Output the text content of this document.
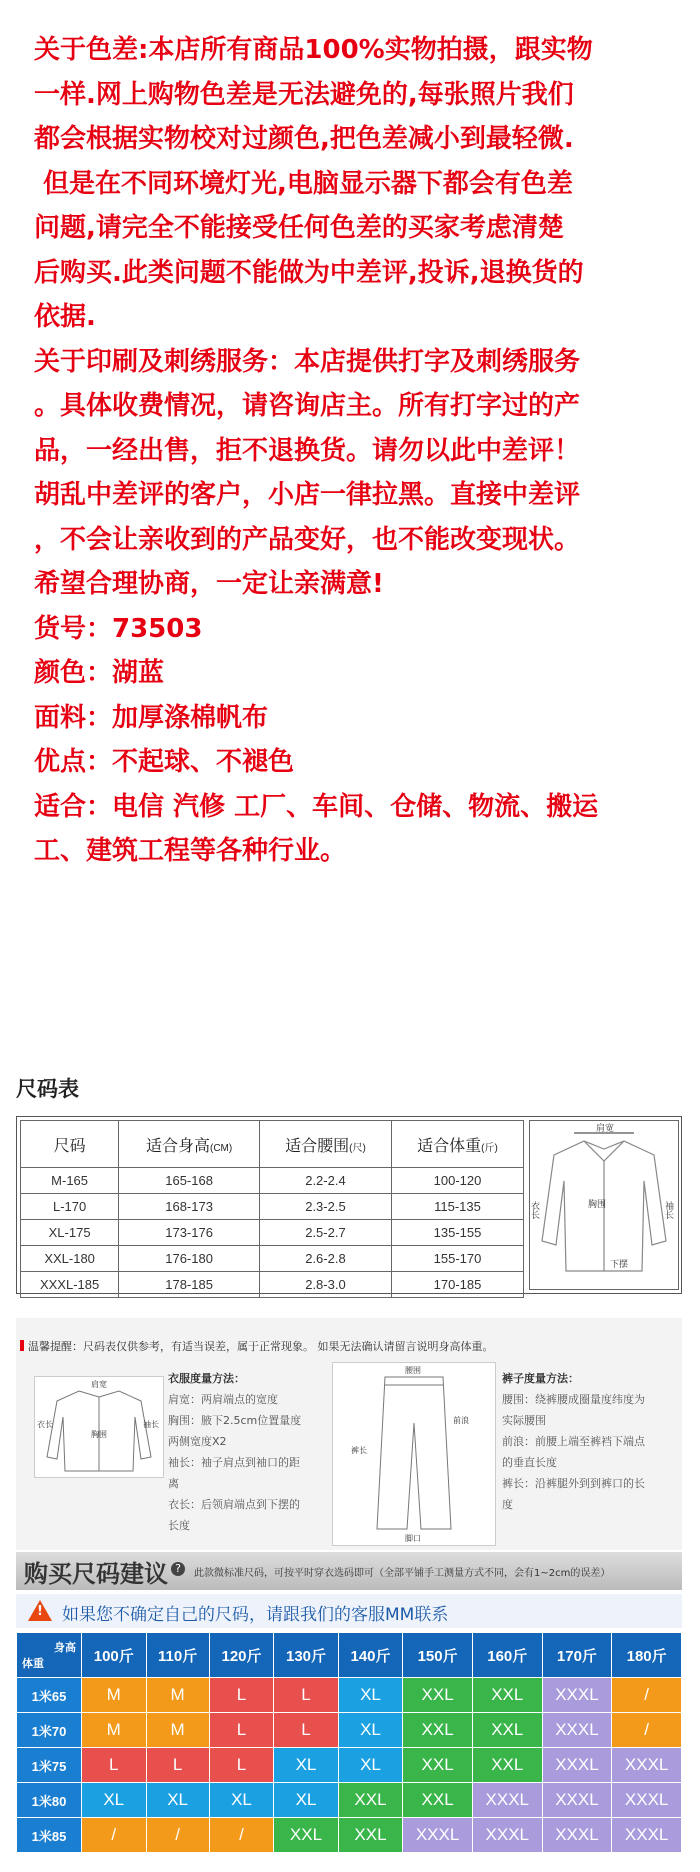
关于色差:本店所有商品100%实物拍摄，跟实物

一样.网上购物色差是无法避免的,每张照片我们

都会根据实物校对过颜色,把色差减小到最轻微.

但是在不同环境灯光,电脑显示器下都会有色差

问题,请完全不能接受任何色差的买家考虑清楚

后购买.此类问题不能做为中差评,投诉,退换货的

依据.

关于印刷及刺绣服务：本店提供打字及刺绣服务

。具体收费情况，请咨询店主。所有打字过的产

品，一经出售，拒不退换货。请勿以此中差评！

胡乱中差评的客户，小店一律拉黑。直接中差评

，不会让亲收到的产品变好，也不能改变现状。

希望合理协商，一定让亲满意!

货号：73503

颜色：湖蓝

面料：加厚涤棉帆布

优点：不起球、不褪色

适合：电信 汽修 工厂、车间、仓储、物流、搬运

工、建筑工程等各种行业。

尺码表
尺码	适合身高(CM)	适合腰围(尺)	适合体重(斤)
M-165	165-168	2.2-2.4	100-120
L-170	168-173	2.3-2.5	115-135
XL-175	173-176	2.5-2.7	135-155
XXL-180	176-180	2.6-2.8	155-170
XXXL-185	178-185	2.8-3.0	170-185
肩宽
胸围
下摆
衣长	袖长
温馨提醒：尺码表仅供参考，有适当误差，属于正常现象。 如果无法确认请留言说明身高体重。
肩宽
衣长	袖长
胸围
衣服度量方法：
肩宽：两肩端点的宽度
胸围：腋下2.5cm位置量度
两侧宽度X2
袖长：袖子肩点到袖口的距
离
衣长：后领肩端点到下摆的
长度
腰围
裤长
前浪
脚口
裤子度量方法：
腰围：绕裤腰成圈量度纬度为
实际腰围
前浪：前腰上端至裤裆下端点
的垂直长度
裤长：沿裤腿外到到裤口的长
度
购买尺码建议 ?	此款微标准尺码，可按平时穿衣选码即可（全部平铺手工测量方式不同，会有1~2cm的误差）
! 如果您不确定自己的尺码，请跟我们的客服MM联系
身高
体重	100斤	110斤	120斤	130斤	140斤	150斤	160斤	170斤	180斤
1米65	M	M	L	L	XL	XXL	XXL	XXXL	/
1米70	M	M	L	L	XL	XXL	XXL	XXXL	/
1米75	L	L	L	XL	XL	XXL	XXL	XXXL	XXXL
1米80	XL	XL	XL	XL	XXL	XXL	XXXL	XXXL	XXXL
1米85	/	/	/	XXL	XXL	XXXL	XXXL	XXXL	XXXL
